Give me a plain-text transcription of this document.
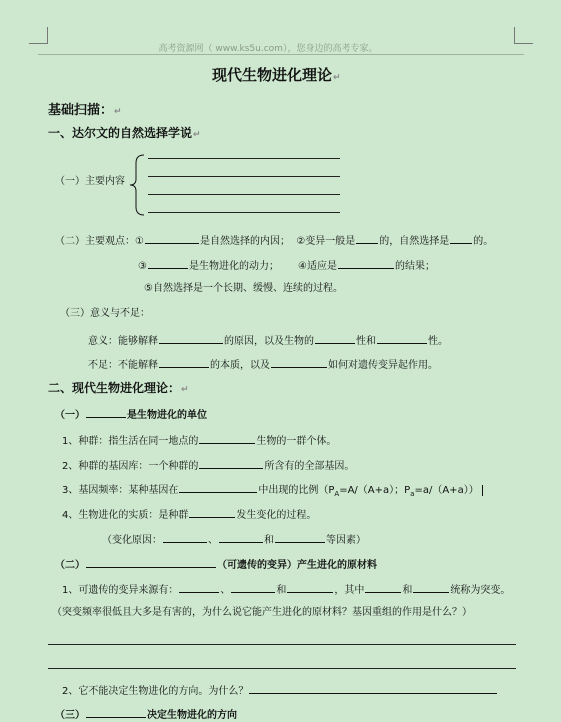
高考资源网（ www.ks5u.com），您身边的高考专家。
现代生物进化理论↵
基础扫描：↵
一、达尔文的自然选择学说↵
（一）主要内容
（二）主要观点：①	是自然选择的内因； ②变异一般是 的，自然选择是 的。
③	是生物进化的动力； ④适应是	的结果；
⑤自然选择是一个长期、缓慢、连续的过程。
（三）意义与不足：
意义：能够解释	的原因，以及生物的	性和	性。
不足：不能解释	的本质，以及	如何对遗传变异起作用。
二、现代生物进化理论：↵
（一）	是生物进化的单位
1、种群：指生活在同一地点的	生物的一群个体。
2、种群的基因库：一个种群的	所含有的全部基因。
3、基因频率：某种基因在	中出现的比例（$P_A=A/(A+a)$；$P_a=a/(A+a)$）
4、生物进化的实质：是种群	发生变化的过程。
（变化原因：	、	和	等因素）
（二）	（可遗传的变异）产生进化的原材料
1、可遗传的变异来源有：	、	和	，其中	和	统称为突变。
（突变频率很低且大多是有害的，为什么说它能产生进化的原材料？基因重组的作用是什么？）
2、它不能决定生物进化的方向。为什么？
（三）	决定生物进化的方向
